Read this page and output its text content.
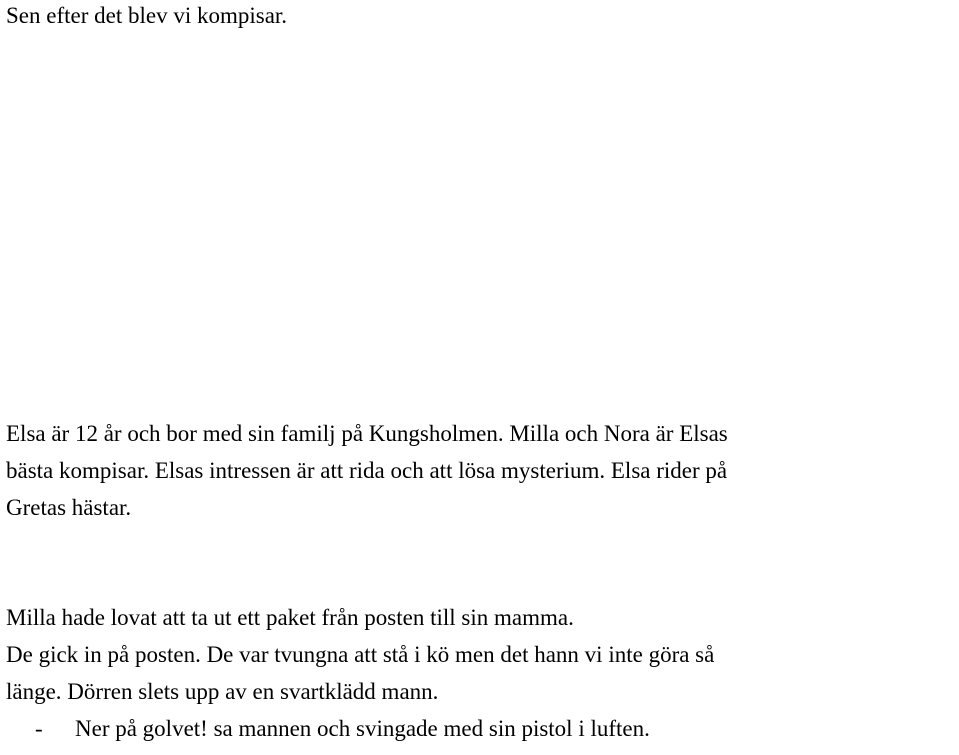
Sen efter det blev vi kompisar.
Elsa är 12 år och bor med sin familj på Kungsholmen. Milla och Nora är Elsas
bästa kompisar. Elsas intressen är att rida och att lösa mysterium. Elsa rider på
Gretas hästar.
Milla hade lovat att ta ut ett paket från posten till sin mamma.
De gick in på posten. De var tvungna att stå i kö men det hann vi inte göra så
länge. Dörren slets upp av en svartklädd mann.
- Ner på golvet! sa mannen och svingade med sin pistol i luften.
